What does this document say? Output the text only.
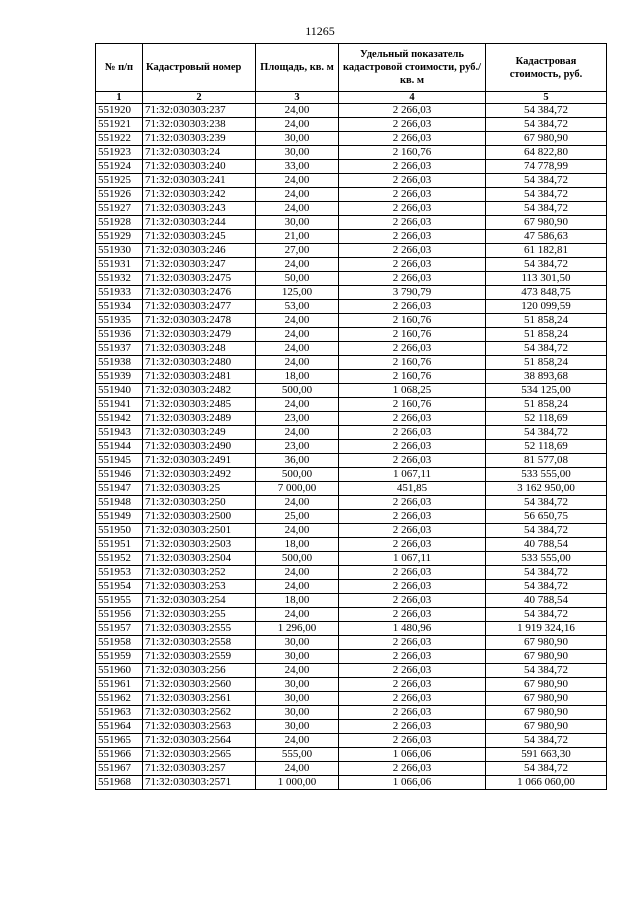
11265
№ п/п	Кадастровый номер	Площадь, кв. м	Удельный показатель кадастровой стоимости, руб./кв. м	Кадастровая стоимость, руб.
1	2	3	4	5
551920	71:32:030303:237	24,00	2 266,03	54 384,72
551921	71:32:030303:238	24,00	2 266,03	54 384,72
551922	71:32:030303:239	30,00	2 266,03	67 980,90
551923	71:32:030303:24	30,00	2 160,76	64 822,80
551924	71:32:030303:240	33,00	2 266,03	74 778,99
551925	71:32:030303:241	24,00	2 266,03	54 384,72
551926	71:32:030303:242	24,00	2 266,03	54 384,72
551927	71:32:030303:243	24,00	2 266,03	54 384,72
551928	71:32:030303:244	30,00	2 266,03	67 980,90
551929	71:32:030303:245	21,00	2 266,03	47 586,63
551930	71:32:030303:246	27,00	2 266,03	61 182,81
551931	71:32:030303:247	24,00	2 266,03	54 384,72
551932	71:32:030303:2475	50,00	2 266,03	113 301,50
551933	71:32:030303:2476	125,00	3 790,79	473 848,75
551934	71:32:030303:2477	53,00	2 266,03	120 099,59
551935	71:32:030303:2478	24,00	2 160,76	51 858,24
551936	71:32:030303:2479	24,00	2 160,76	51 858,24
551937	71:32:030303:248	24,00	2 266,03	54 384,72
551938	71:32:030303:2480	24,00	2 160,76	51 858,24
551939	71:32:030303:2481	18,00	2 160,76	38 893,68
551940	71:32:030303:2482	500,00	1 068,25	534 125,00
551941	71:32:030303:2485	24,00	2 160,76	51 858,24
551942	71:32:030303:2489	23,00	2 266,03	52 118,69
551943	71:32:030303:249	24,00	2 266,03	54 384,72
551944	71:32:030303:2490	23,00	2 266,03	52 118,69
551945	71:32:030303:2491	36,00	2 266,03	81 577,08
551946	71:32:030303:2492	500,00	1 067,11	533 555,00
551947	71:32:030303:25	7 000,00	451,85	3 162 950,00
551948	71:32:030303:250	24,00	2 266,03	54 384,72
551949	71:32:030303:2500	25,00	2 266,03	56 650,75
551950	71:32:030303:2501	24,00	2 266,03	54 384,72
551951	71:32:030303:2503	18,00	2 266,03	40 788,54
551952	71:32:030303:2504	500,00	1 067,11	533 555,00
551953	71:32:030303:252	24,00	2 266,03	54 384,72
551954	71:32:030303:253	24,00	2 266,03	54 384,72
551955	71:32:030303:254	18,00	2 266,03	40 788,54
551956	71:32:030303:255	24,00	2 266,03	54 384,72
551957	71:32:030303:2555	1 296,00	1 480,96	1 919 324,16
551958	71:32:030303:2558	30,00	2 266,03	67 980,90
551959	71:32:030303:2559	30,00	2 266,03	67 980,90
551960	71:32:030303:256	24,00	2 266,03	54 384,72
551961	71:32:030303:2560	30,00	2 266,03	67 980,90
551962	71:32:030303:2561	30,00	2 266,03	67 980,90
551963	71:32:030303:2562	30,00	2 266,03	67 980,90
551964	71:32:030303:2563	30,00	2 266,03	67 980,90
551965	71:32:030303:2564	24,00	2 266,03	54 384,72
551966	71:32:030303:2565	555,00	1 066,06	591 663,30
551967	71:32:030303:257	24,00	2 266,03	54 384,72
551968	71:32:030303:2571	1 000,00	1 066,06	1 066 060,00
